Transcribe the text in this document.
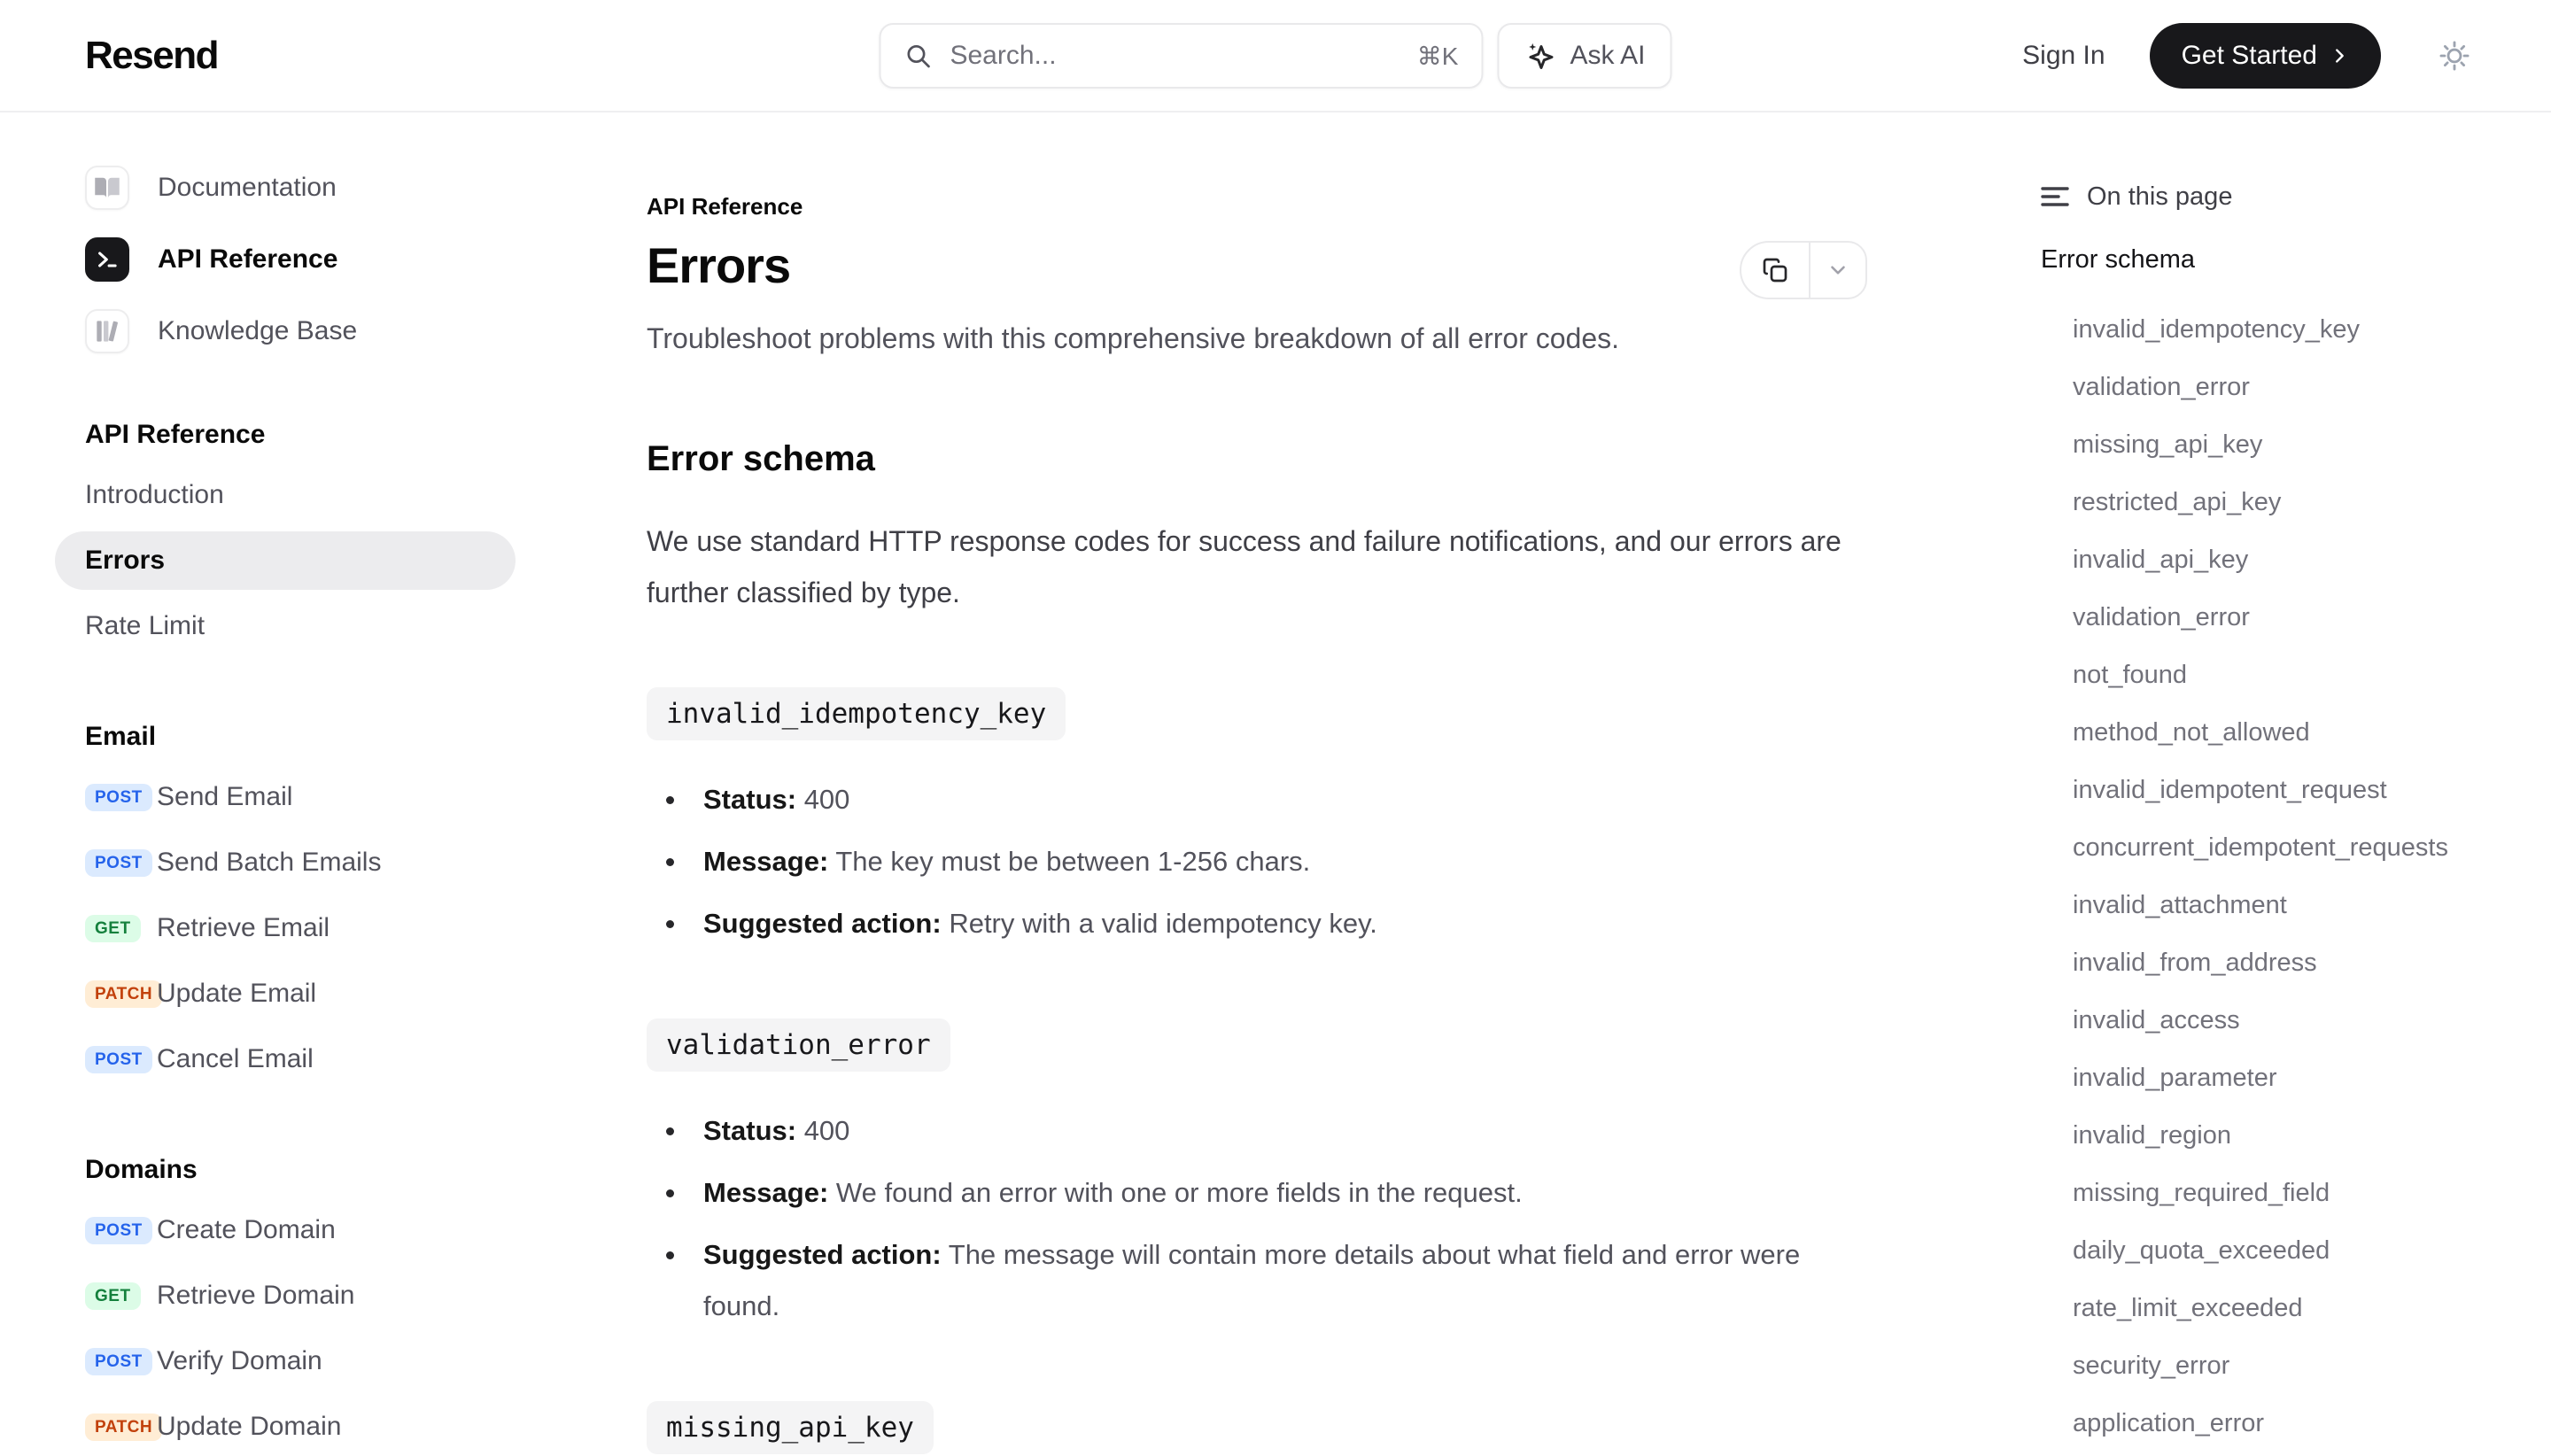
Resend	Search...	⌘K	Ask AI	Sign In	Get Started
Documentation
API Reference
Knowledge Base
API Reference
Introduction
Errors
Rate Limit
Email
POST Send Email
POST Send Batch Emails
GET Retrieve Email
PATCH Update Email
POST Cancel Email
Domains
POST Create Domain
GET Retrieve Domain
POST Verify Domain
PATCH Update Domain
API Reference
Errors
Troubleshoot problems with this comprehensive breakdown of all error codes.
Error schema
We use standard HTTP response codes for success and failure notifications, and our errors are further classified by type.
invalid_idempotency_key
Status: 400
Message: The key must be between 1-256 chars.
Suggested action: Retry with a valid idempotency key.
validation_error
Status: 400
Message: We found an error with one or more fields in the request.
Suggested action: The message will contain more details about what field and error were found.
missing_api_key
On this page
Error schema
invalid_idempotency_key
validation_error
missing_api_key
restricted_api_key
invalid_api_key
validation_error
not_found
method_not_allowed
invalid_idempotent_request
concurrent_idempotent_requests
invalid_attachment
invalid_from_address
invalid_access
invalid_parameter
invalid_region
missing_required_field
daily_quota_exceeded
rate_limit_exceeded
security_error
application_error
